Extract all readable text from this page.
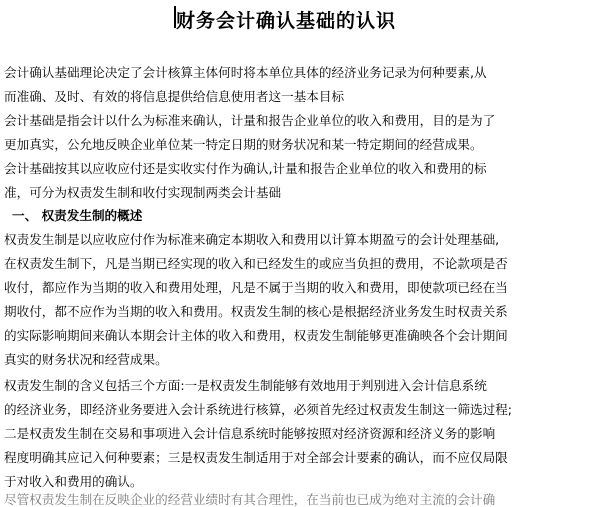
财务会计确认基础的认识
会计确认基础理论决定了会计核算主体何时将本单位具体的经济业务记录为何种要素,从
而准确、及时、有效的将信息提供给信息使用者这一基本目标
会计基础是指会计以什么为标准来确认，计量和报告企业单位的收入和费用，目的是为了
更加真实，公允地反映企业单位某一特定日期的财务状况和某一特定期间的经营成果。
会计基础按其以应收应付还是实收实付作为确认,计量和报告企业单位的收入和费用的标
准，可分为权责发生制和收付实现制两类会计基础
一、 权责发生制的概述
权责发生制是以应收应付作为标准来确定本期收入和费用以计算本期盈亏的会计处理基础,
在权责发生制下，凡是当期已经实现的收入和已经发生的或应当负担的费用，不论款项是否
收付，都应作为当期的收入和费用处理，凡是不属于当期的收入和费用，即使款项已经在当
期收付，都不应作为当期的收入和费用。权责发生制的核心是根据经济业务发生时权责关系
的实际影响期间来确认本期会计主体的收入和费用，权责发生制能够更准确映各个会计期间
真实的财务状况和经营成果。
权责发生制的含义包括三个方面:一是权责发生制能够有效地用于判别进入会计信息系统
的经济业务，即经济业务要进入会计系统进行核算，必须首先经过权责发生制这一筛选过程;
二是权责发生制在交易和事项进入会计信息系统时能够按照对经济资源和经济义务的影响
程度明确其应记入何种要素；三是权责发生制适用于对全部会计要素的确认，而不应仅局限
于对收入和费用的确认。
尽管权责发生制在反映企业的经营业绩时有其合理性，在当前也已成为绝对主流的会计确
